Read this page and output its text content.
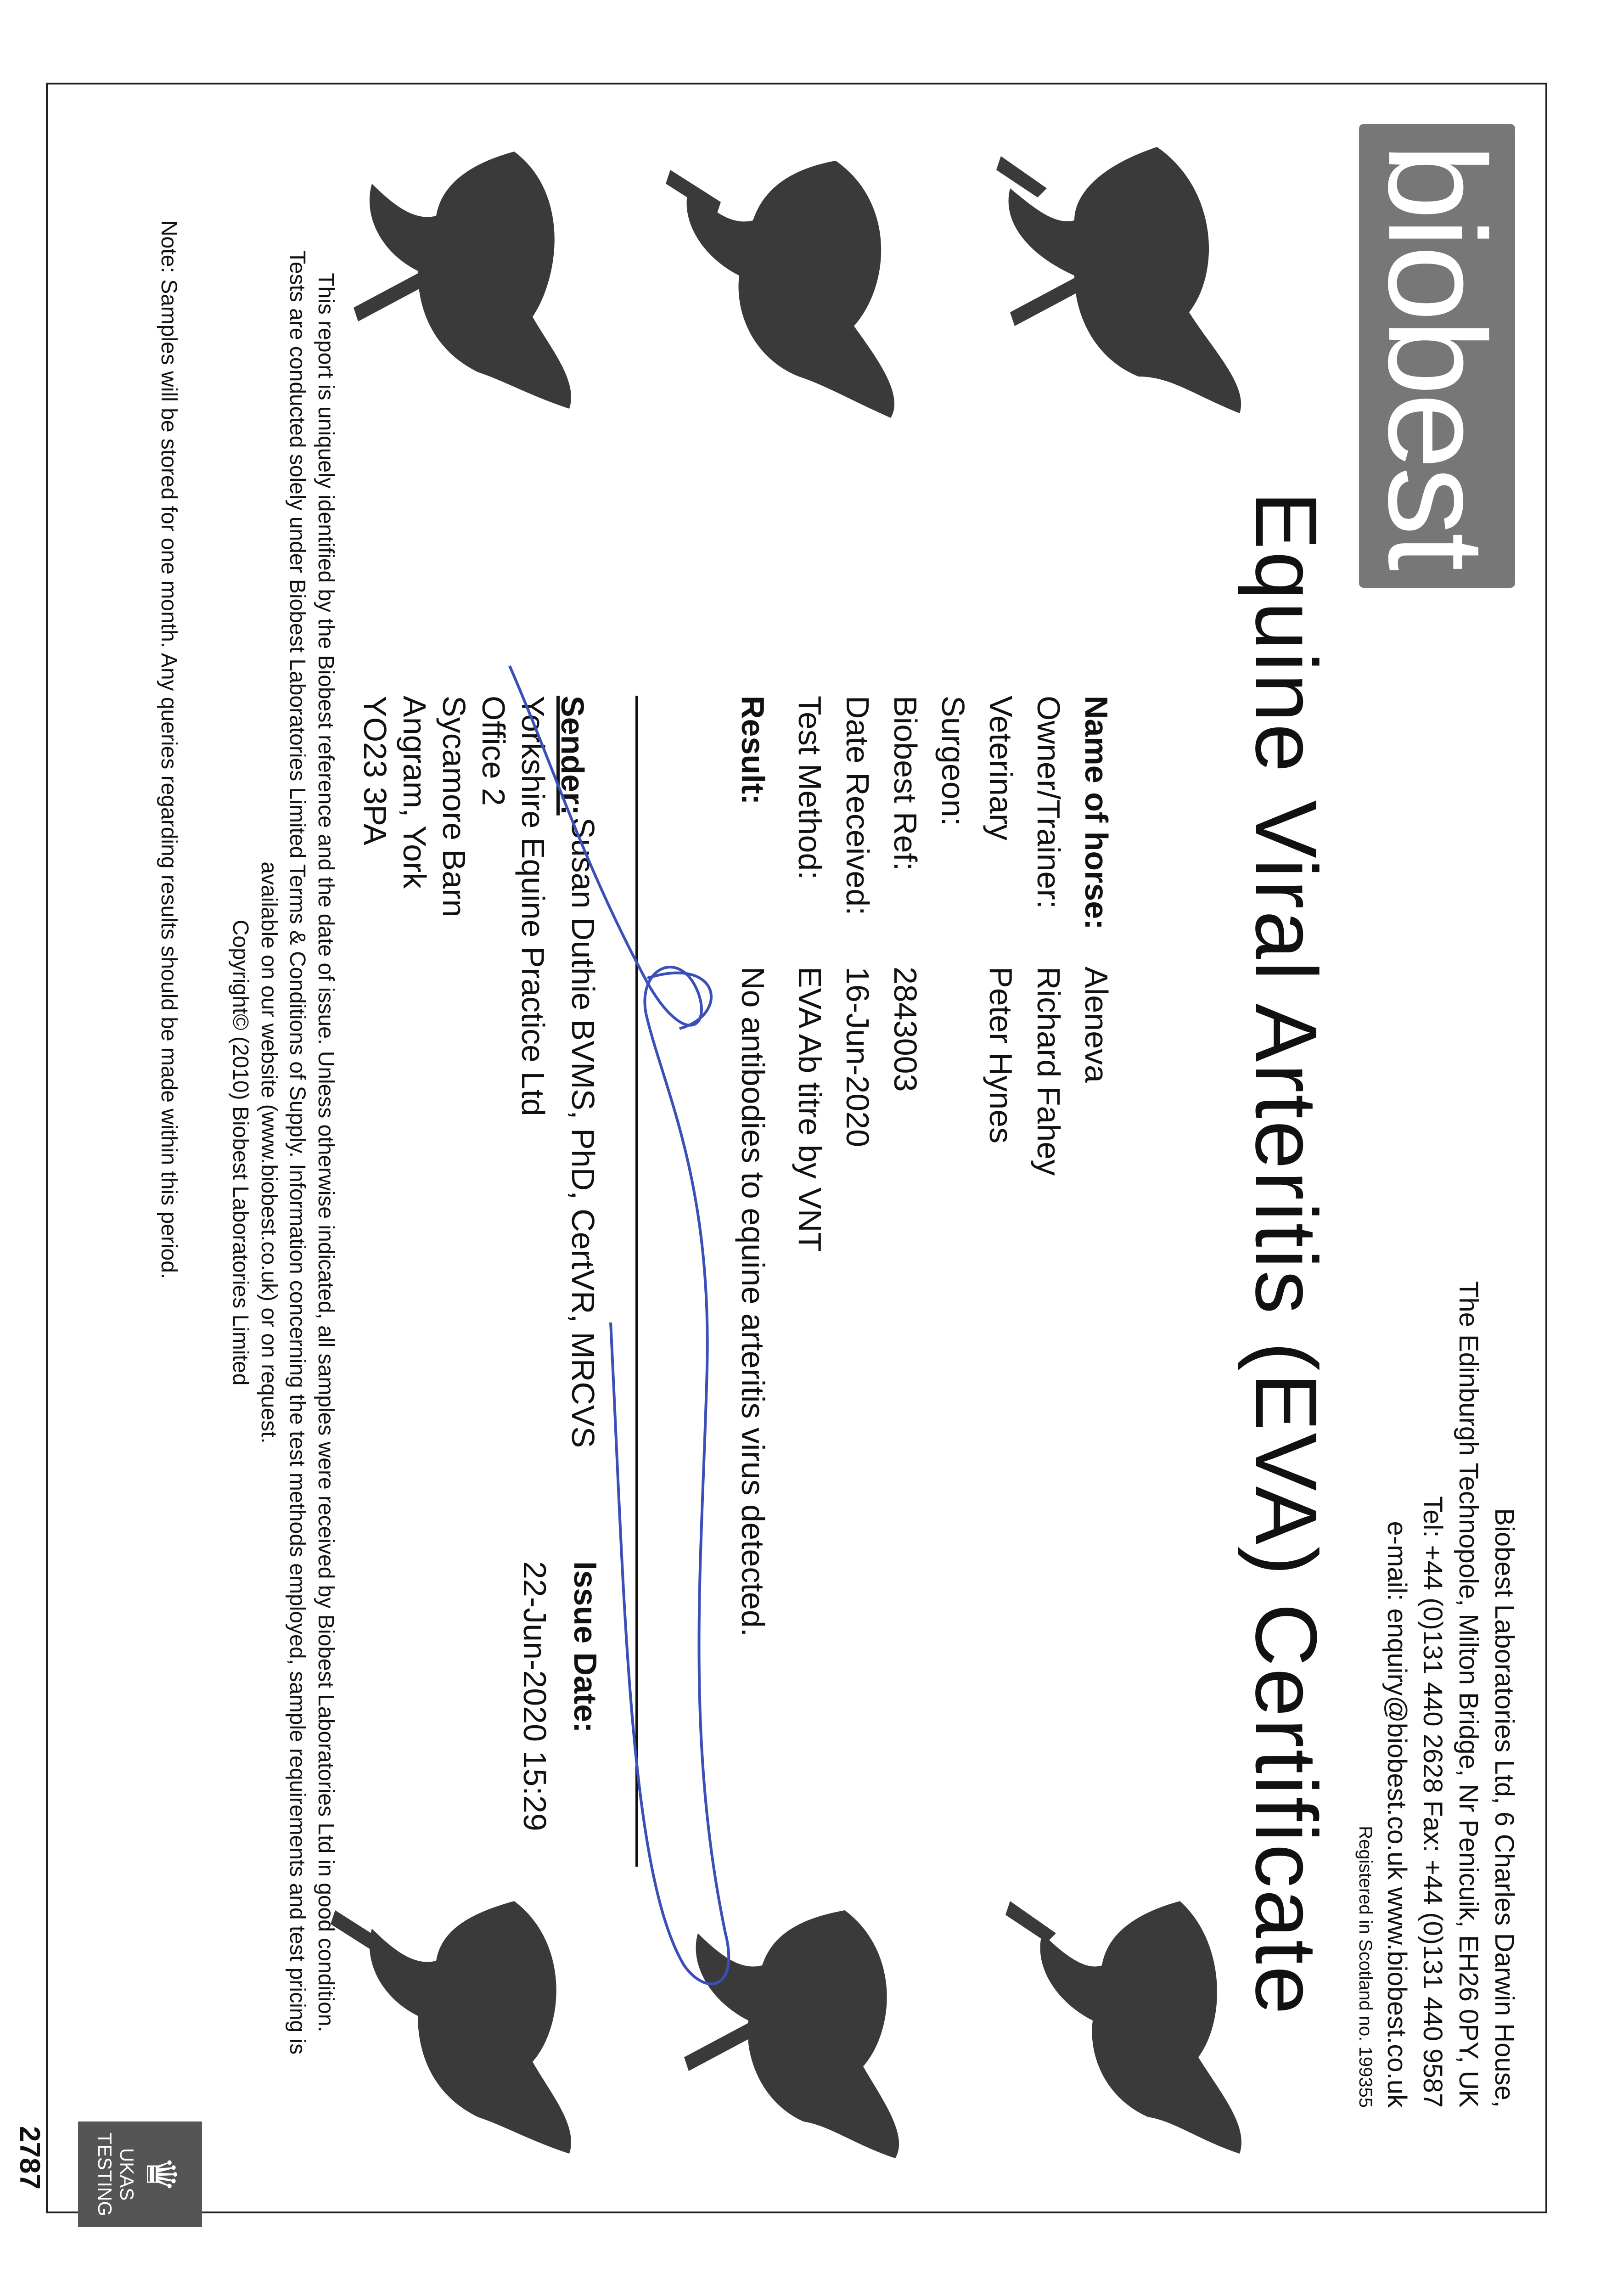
biobest
Biobest Laboratories Ltd, 6 Charles Darwin House,
The Edinburgh Technopole, Milton Bridge, Nr Penicuik, EH26 0PY, UK
Tel: +44 (0)131 440 2628 Fax: +44 (0)131 440 9587
e-mail: enquiry@biobest.co.uk www.biobest.co.uk
Registered in Scotland no. 199355
Equine Viral Arteritis (EVA) Certificate
Name of horse:
Aleneva
Owner/Trainer:
Richard Fahey
Veterinary Surgeon:
Peter Hynes
Biobest Ref:
2843003
Date Received:
16-Jun-2020
Test Method:
EVA Ab titre by VNT
Result:
No antibodies to equine arteritis virus detected.
Sender:
Yorkshire Equine Practice Ltd
Office 2
Sycamore Barn
Angram, York
YO23 3PA
Susan Duthie BVMS, PhD, CertVR, MRCVS
Issue Date:
22-Jun-2020 15:29
This report is uniquely identified by the Biobest reference and the date of issue. Unless otherwise indicated, all samples were received by Biobest Laboratories Ltd in good condition.
Tests are conducted solely under Biobest Laboratories Limited Terms & Conditions of Supply. Information concerning the test methods employed, sample requirements and test pricing is
available on our website (www.biobest.co.uk) or on request.
Copyright© (2010) Biobest Laboratories Limited
Note: Samples will be stored for one month. Any queries regarding results should be made within this period.
♛
UKAS
TESTING
2787
